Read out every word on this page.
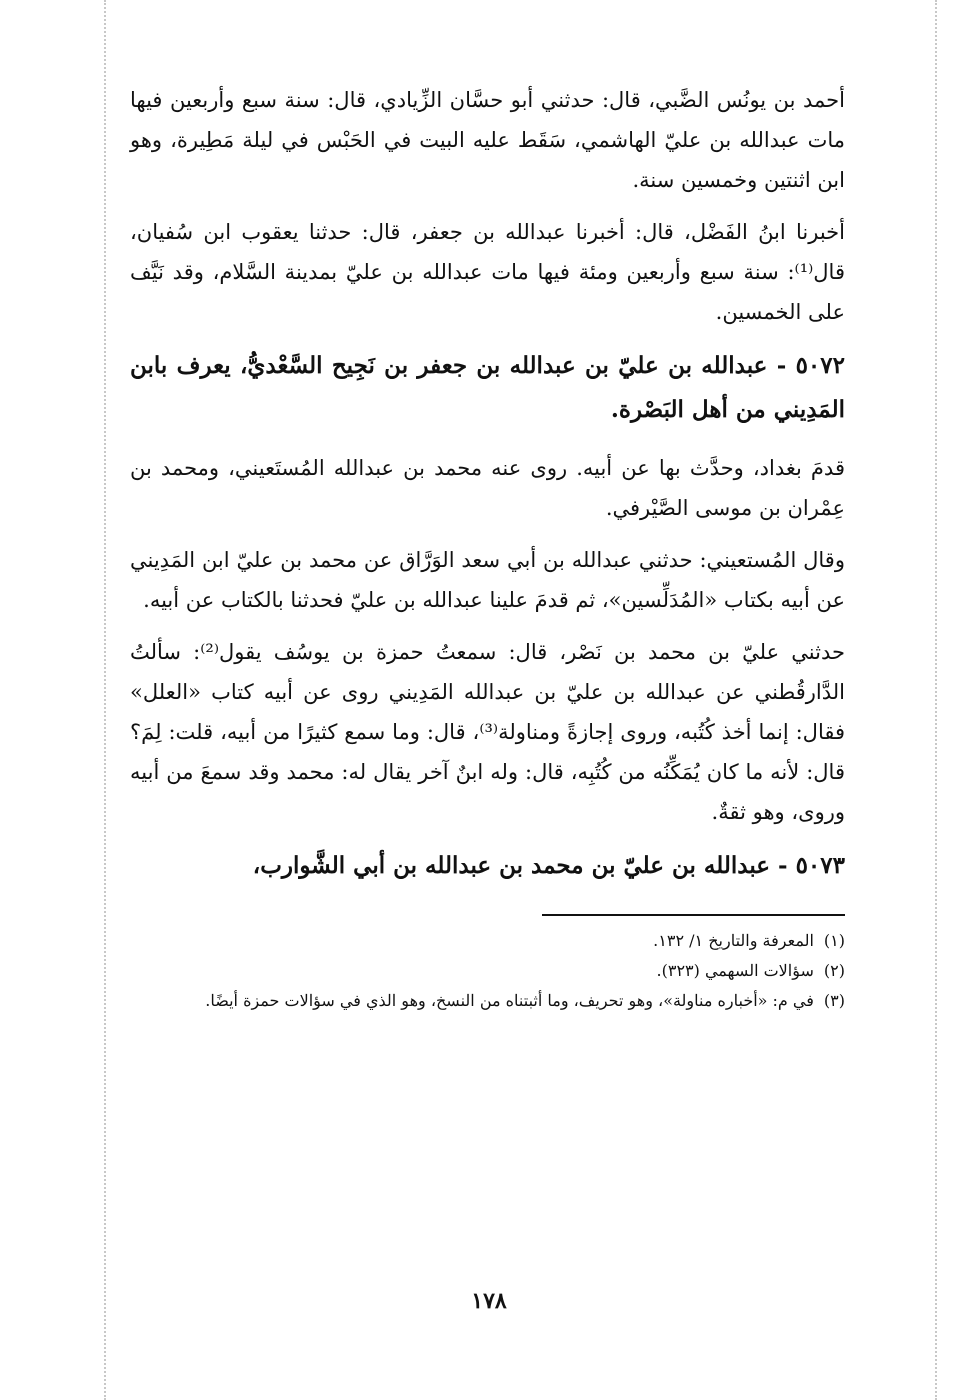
أحمد بن يونُس الضَّبي، قال: حدثني أبو حسَّان الزِّيادي، قال: سنة سبع وأربعين فيها مات عبدالله بن عليّ الهاشمي، سَقَط عليه البيت في الحَبْس في ليلة مَطِيرة، وهو ابن اثنتين وخمسين سنة.

أخبرنا ابنُ الفَضْل، قال: أخبرنا عبدالله بن جعفر، قال: حدثنا يعقوب ابن سُفيان، قال⁽¹⁾: سنة سبع وأربعين ومئة فيها مات عبدالله بن عليّ بمدينة السَّلام، وقد نَيَّف على الخمسين.

٥٠٧٢ - عبدالله بن عليّ بن عبدالله بن جعفر بن نَجِيح السَّعْديُّ، يعرف بابن المَدِيني من أهل البَصْرة.

قدمَ بغداد، وحدَّث بها عن أبيه. روى عنه محمد بن عبدالله المُستَعيني، ومحمد بن عِمْران بن موسى الصَّيْرفي.

وقال المُستعيني: حدثني عبدالله بن أبي سعد الوَرَّاق عن محمد بن عليّ ابن المَدِيني عن أبيه بكتاب «المُدَلِّسين»، ثم قدمَ علينا عبدالله بن عليّ فحدثنا بالكتاب عن أبيه.

حدثني عليّ بن محمد بن نَصْر، قال: سمعتُ حمزة بن يوسُف يقول⁽²⁾: سألتُ الدَّارقُطني عن عبدالله بن عليّ بن عبدالله المَدِيني روى عن أبيه كتاب «العلل» فقال: إنما أخذ كُتُبه، وروى إجازةً ومناولة⁽³⁾، قال: وما سمع كثيرًا من أبيه، قلت: لِمَ؟ قال: لأنه ما كان يُمَكِّنُه من كُتُبِه، قال: وله ابنٌ آخر يقال له: محمد وقد سمعَ من أبيه وروى، وهو ثقةٌ.

٥٠٧٣ - عبدالله بن عليّ بن محمد بن عبدالله بن أبي الشَّوارب،

(١)
المعرفة والتاريخ ١/ ١٣٢.
(٢)
سؤالات السهمي (٣٢٣).
(٣)
في م: «أخباره مناولة»، وهو تحريف، وما أثبتناه من النسخ، وهو الذي في سؤالات حمزة أيضًا.
١٧٨
